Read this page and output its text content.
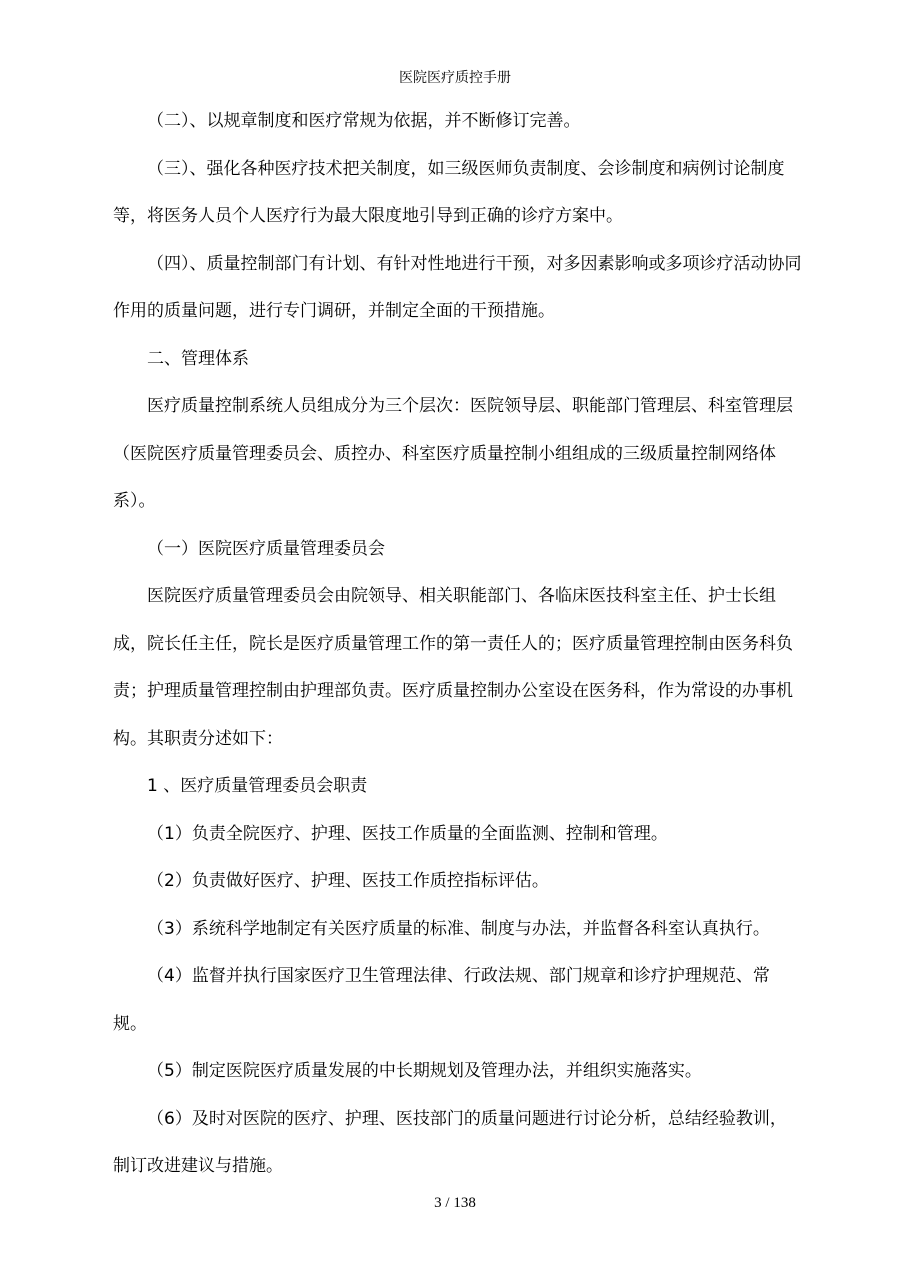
医院医疗质控手册

（二）、以规章制度和医疗常规为依据，并不断修订完善。

（三）、强化各种医疗技术把关制度，如三级医师负责制度、会诊制度和病例讨论制度等，将医务人员个人医疗行为最大限度地引导到正确的诊疗方案中。

（四）、质量控制部门有计划、有针对性地进行干预，对多因素影响或多项诊疗活动协同作用的质量问题，进行专门调研，并制定全面的干预措施。

二、管理体系

医疗质量控制系统人员组成分为三个层次：医院领导层、职能部门管理层、科室管理层（医院医疗质量管理委员会、质控办、科室医疗质量控制小组组成的三级质量控制网络体系）。

（一）医院医疗质量管理委员会

医院医疗质量管理委员会由院领导、相关职能部门、各临床医技科室主任、护士长组成，院长任主任，院长是医疗质量管理工作的第一责任人的；医疗质量管理控制由医务科负责；护理质量管理控制由护理部负责。医疗质量控制办公室设在医务科，作为常设的办事机构。其职责分述如下：

1 、医疗质量管理委员会职责

（1）负责全院医疗、护理、医技工作质量的全面监测、控制和管理。

（2）负责做好医疗、护理、医技工作质控指标评估。

（3）系统科学地制定有关医疗质量的标准、制度与办法，并监督各科室认真执行。

（4）监督并执行国家医疗卫生管理法律、行政法规、部门规章和诊疗护理规范、常规。

（5）制定医院医疗质量发展的中长期规划及管理办法，并组织实施落实。

（6）及时对医院的医疗、护理、医技部门的质量问题进行讨论分析，总结经验教训，制订改进建议与措施。

3 / 138
